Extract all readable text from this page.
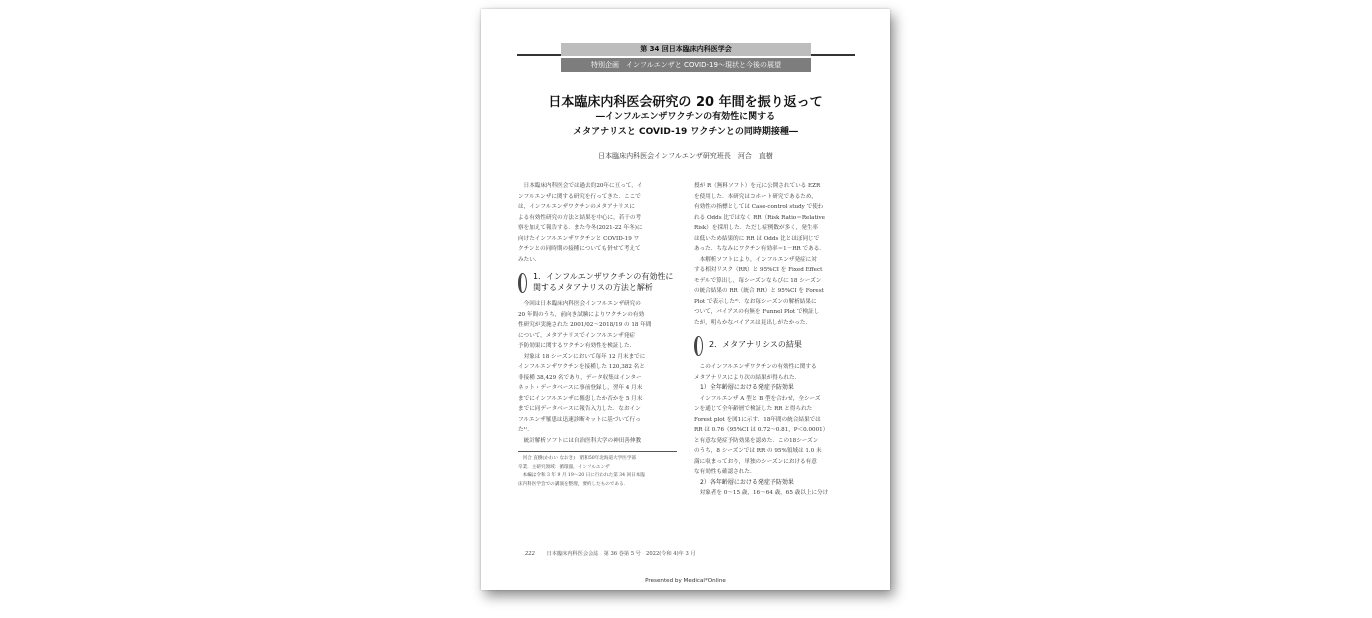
第 34 回日本臨床内科医学会
特別企画　インフルエンザと COVID-19〜現状と今後の展望
日本臨床内科医会研究の 20 年間を振り返って
―インフルエンザワクチンの有効性に関する
メタアナリスと COVID-19 ワクチンとの同時期接種―
日本臨床内科医会インフルエンザ研究班長　河合　直樹

　日本臨床内科医会では過去約20年に亘って，イ

ンフルエンザに関する研究を行ってきた．ここで

は，インフルエンザワクチンのメタアナリスに

よる有効性研究の方法と結果を中心に，若干の考

察を加えて報告する．また今冬(2021-22 年冬)に

向けたインフルエンザワクチンと COVID-19 ワ

クチンとの同時期の接種についても併せて考えて

みたい．

1．インフルエンザワクチンの有効性に関するメタアナリスの方法と解析

　今回は日本臨床内科医会インフルエンザ研究の

20 年間のうち，前向き試験によりワクチンの有効

性研究が実施された 2001/02〜2018/19 の 18 年間

について，メタアナリスでインフルエンザ発症

予防効果に関するワクチン有効性を検証した．

　対象は 18 シーズンにおいて毎年 12 月末までに

インフルエンザワクチンを接種した 120,382 名と

非接種 38,429 名であり，データ収集はインター

ネット・データベースに事前登録し，翌年 4 月末

までにインフルエンザに罹患したか否かを 5 月末

までに同データベースに報告入力した．なおイン

フルエンザ罹患は迅速診断キットに基づいて行っ

た¹⁾．

　統計解析ソフトには自治医科大学の神田善伸教

　河合 直樹(かわい なおき)　昭和50年北海道大学医学部

卒業．主研究領域：循環器，インフルエンザ

　本編は令和 3 年 9 月 19〜20 日に行われた第 34 回日本臨

床内科医学会での講演を整理，要約したものである．

授が R（無料ソフト）を元に公開されている EZR

を使用した．本研究はコホート研究であるため，

有効性の指標としては Case-control study で使わ

れる Odds 比ではなく RR（Risk Ratio＝Relative

Risk）を採用した．ただし症例数が多く，発生率

は低いため結果的に RR は Odds 比とほぼ同じで

あった．ちなみにワクチン有効率＝1－RR である．

　本解析ソフトにより，インフルエンザ発症に対

する相対リスク（RR）と 95%CI を Fixed Effect

モデルで算出し，毎シーズンならびに 18 シーズン

の統合結果の RR（統合 RR）と 95%CI を Forest

Plot で表示した²⁾．なお毎シーズンの解析結果に

ついて，バイアスの有無を Funnel Plot で検証し

たが，明らかなバイアスは見出しがたかった．

2．メタアナリシスの結果

　このインフルエンザワクチンの有効性に関する

メタアナリスにより次の結果が得られた．

　1）全年齢層における発症予防効果

　インフルエンザ A 型と B 型を合わせ，全シーズ

ンを通じて全年齢層で検証した RR と得られた

Forest plot を図1に示す．18年間の統合結果では

RR は 0.76（95%CI は 0.72〜0.81，P＜0.0001）

と有意な発症予防効果を認めた．この18シーズン

のうち，8 シーズンでは RR の 95%領域は 1.0 未

満に収まっており，単独のシーズンにおける有意

な有効性も確認された．

　2）各年齢層における発症予防効果

　対象者を 0〜15 歳，16〜64 歳，65 歳以上に分け

222 日本臨床内科医会会誌　第 36 巻第 5 号　2022(令和 4)年 3 月
Presented by Medical*Online
